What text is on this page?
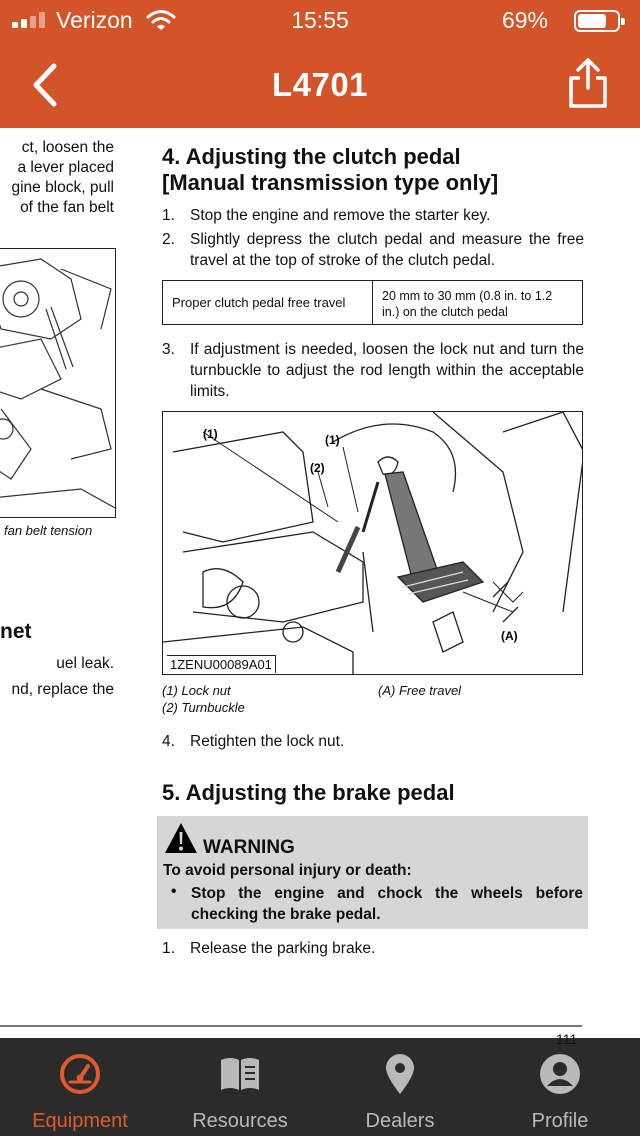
Verizon	15:55	69%
L4701
ct, loosen the
a lever placed
gine block, pull
of the fan belt
fan belt tension
net
uel leak.
nd, replace the
4. Adjusting the clutch pedal
[Manual transmission type only]
1. Stop the engine and remove the starter key.
2. Slightly depress the clutch pedal and measure the free travel at the top of stroke of the clutch pedal.
Proper clutch pedal free travel	20 mm to 30 mm (0.8 in. to 1.2 in.) on the clutch pedal
3. If adjustment is needed, loosen the lock nut and turn the turnbuckle to adjust the rod length within the acceptable limits.
(1)	(1)
(2)
(A)
1ZENU00089A01
(1) Lock nut
(2) Turnbuckle
(A) Free travel
4. Retighten the lock nut.
5. Adjusting the brake pedal
WARNING
To avoid personal injury or death:
• Stop the engine and chock the wheels before checking the brake pedal.
1. Release the parking brake.
111
Equipment	Resources	Dealers	Profile
